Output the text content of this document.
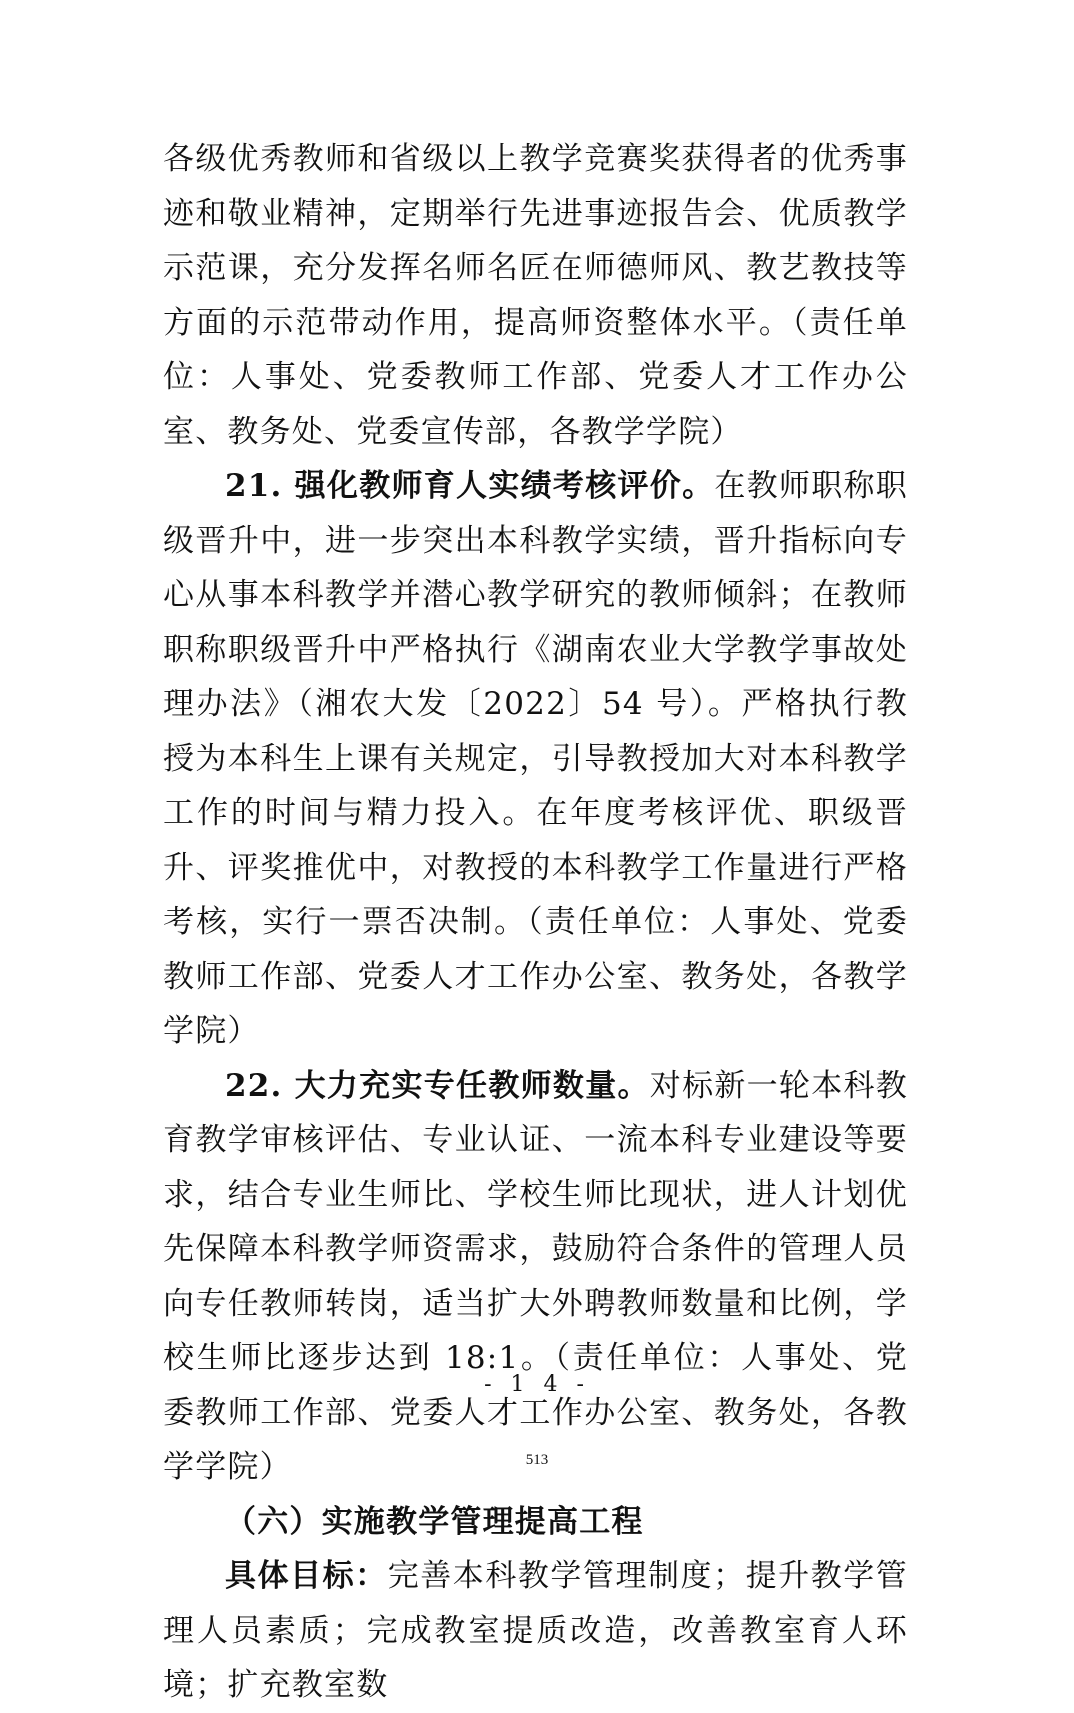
各级优秀教师和省级以上教学竞赛奖获得者的优秀事迹和敬业精神，定期举行先进事迹报告会、优质教学示范课，充分发挥名师名匠在师德师风、教艺教技等方面的示范带动作用，提高师资整体水平。（责任单位：人事处、党委教师工作部、党委人才工作办公室、教务处、党委宣传部，各教学学院）

21. 强化教师育人实绩考核评价。在教师职称职级晋升中，进一步突出本科教学实绩，晋升指标向专心从事本科教学并潜心教学研究的教师倾斜；在教师职称职级晋升中严格执行《湖南农业大学教学事故处理办法》（湘农大发〔2022〕54 号）。严格执行教授为本科生上课有关规定，引导教授加大对本科教学工作的时间与精力投入。在年度考核评优、职级晋升、评奖推优中，对教授的本科教学工作量进行严格考核，实行一票否决制。（责任单位：人事处、党委教师工作部、党委人才工作办公室、教务处，各教学学院）

22. 大力充实专任教师数量。对标新一轮本科教育教学审核评估、专业认证、一流本科专业建设等要求，结合专业生师比、学校生师比现状，进人计划优先保障本科教学师资需求，鼓励符合条件的管理人员向专任教师转岗，适当扩大外聘教师数量和比例，学校生师比逐步达到 18:1。（责任单位：人事处、党委教师工作部、党委人才工作办公室、教务处，各教学学院）

（六）实施教学管理提高工程

具体目标：完善本科教学管理制度；提升教学管理人员素质；完成教室提质改造，改善教室育人环境；扩充教室数

- 1 4 -
513
